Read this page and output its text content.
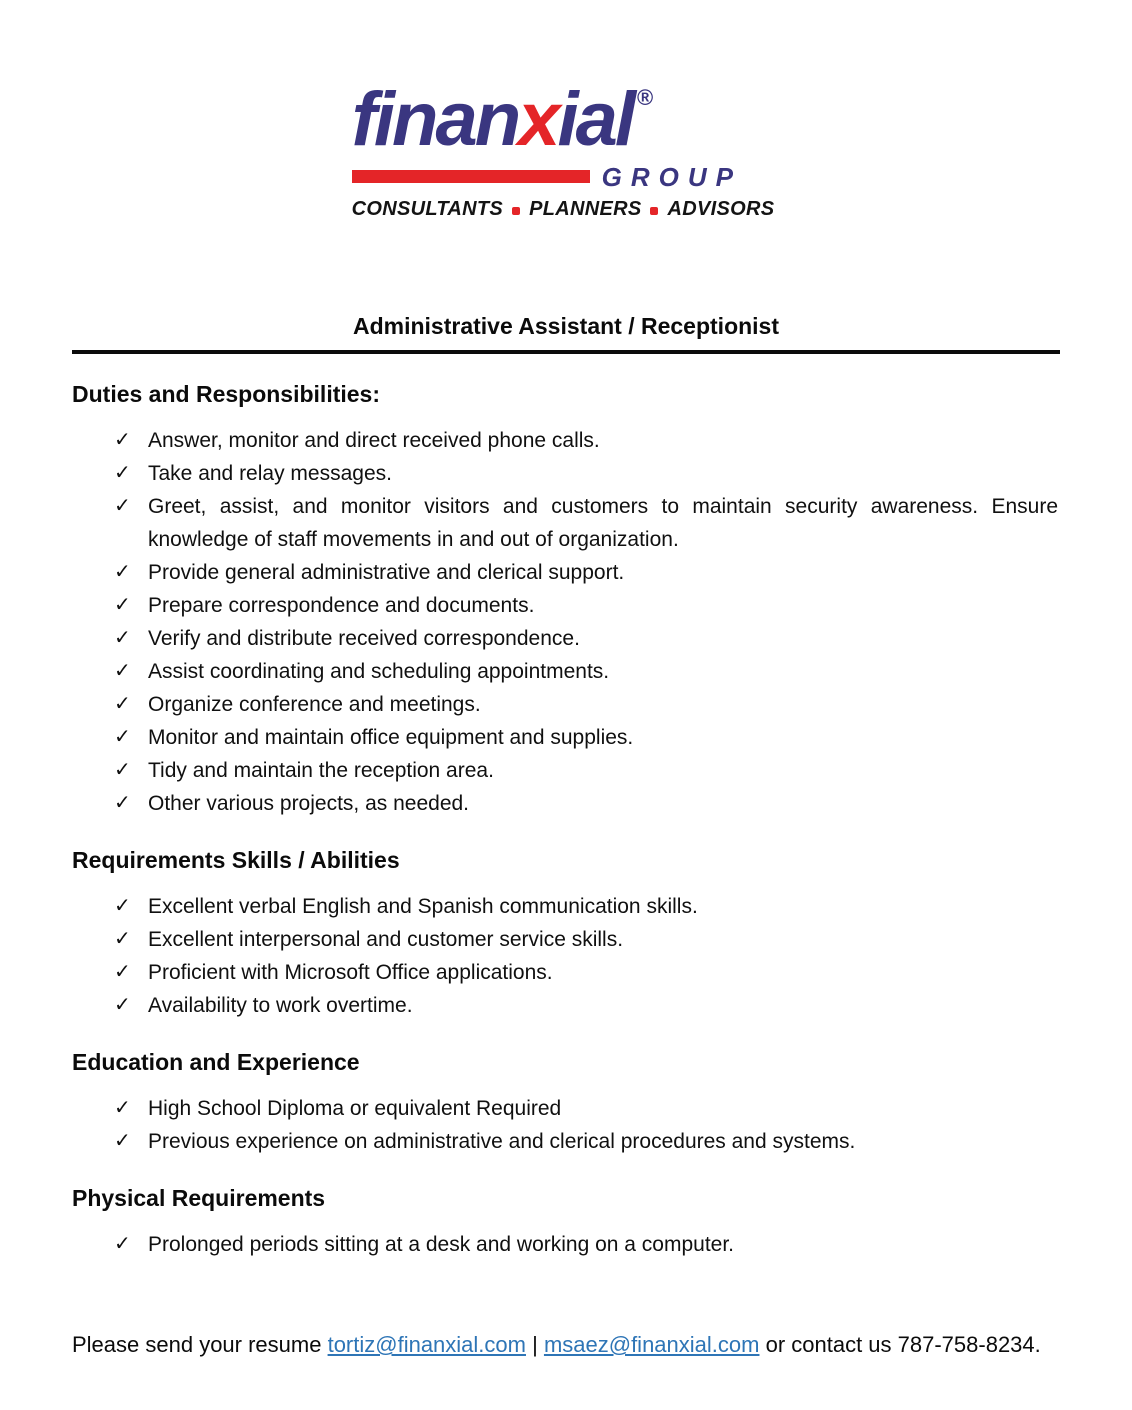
finanxial ®
GROUP
CONSULTANTS PLANNERS ADVISORS
Administrative Assistant / Receptionist
Duties and Responsibilities:
✓ Answer, monitor and direct received phone calls.
✓ Take and relay messages.
✓ Greet, assist, and monitor visitors and customers to maintain security awareness. Ensure knowledge of staff movements in and out of organization.
✓ Provide general administrative and clerical support.
✓ Prepare correspondence and documents.
✓ Verify and distribute received correspondence.
✓ Assist coordinating and scheduling appointments.
✓ Organize conference and meetings.
✓ Monitor and maintain office equipment and supplies.
✓ Tidy and maintain the reception area.
✓ Other various projects, as needed.
Requirements Skills / Abilities
✓ Excellent verbal English and Spanish communication skills.
✓ Excellent interpersonal and customer service skills.
✓ Proficient with Microsoft Office applications.
✓ Availability to work overtime.
Education and Experience
✓ High School Diploma or equivalent Required
✓ Previous experience on administrative and clerical procedures and systems.
Physical Requirements
✓ Prolonged periods sitting at a desk and working on a computer.

Please send your resume tortiz@finanxial.com | msaez@finanxial.com or contact us 787-758-8234.
